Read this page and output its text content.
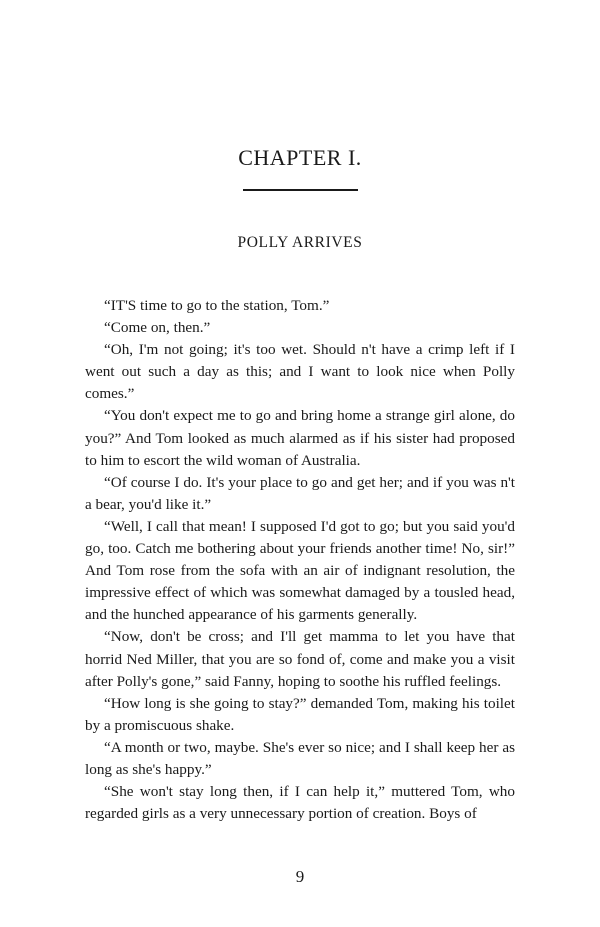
CHAPTER I.
POLLY ARRIVES

“IT'S time to go to the station, Tom.”

“Come on, then.”

“Oh, I'm not going; it's too wet. Should n't have a crimp left if I went out such a day as this; and I want to look nice when Polly comes.”

“You don't expect me to go and bring home a strange girl alone, do you?” And Tom looked as much alarmed as if his sister had proposed to him to escort the wild woman of Australia.

“Of course I do. It's your place to go and get her; and if you was n't a bear, you'd like it.”

“Well, I call that mean! I supposed I'd got to go; but you said you'd go, too. Catch me bothering about your friends another time! No, sir!” And Tom rose from the sofa with an air of indignant resolution, the impressive effect of which was somewhat damaged by a tousled head, and the hunched appearance of his garments generally.

“Now, don't be cross; and I'll get mamma to let you have that horrid Ned Miller, that you are so fond of, come and make you a visit after Polly's gone,” said Fanny, hoping to soothe his ruffled feelings.

“How long is she going to stay?” demanded Tom, making his toilet by a promiscuous shake.

“A month or two, maybe. She's ever so nice; and I shall keep her as long as she's happy.”

“She won't stay long then, if I can help it,” muttered Tom, who regarded girls as a very unnecessary portion of creation. Boys of

9
